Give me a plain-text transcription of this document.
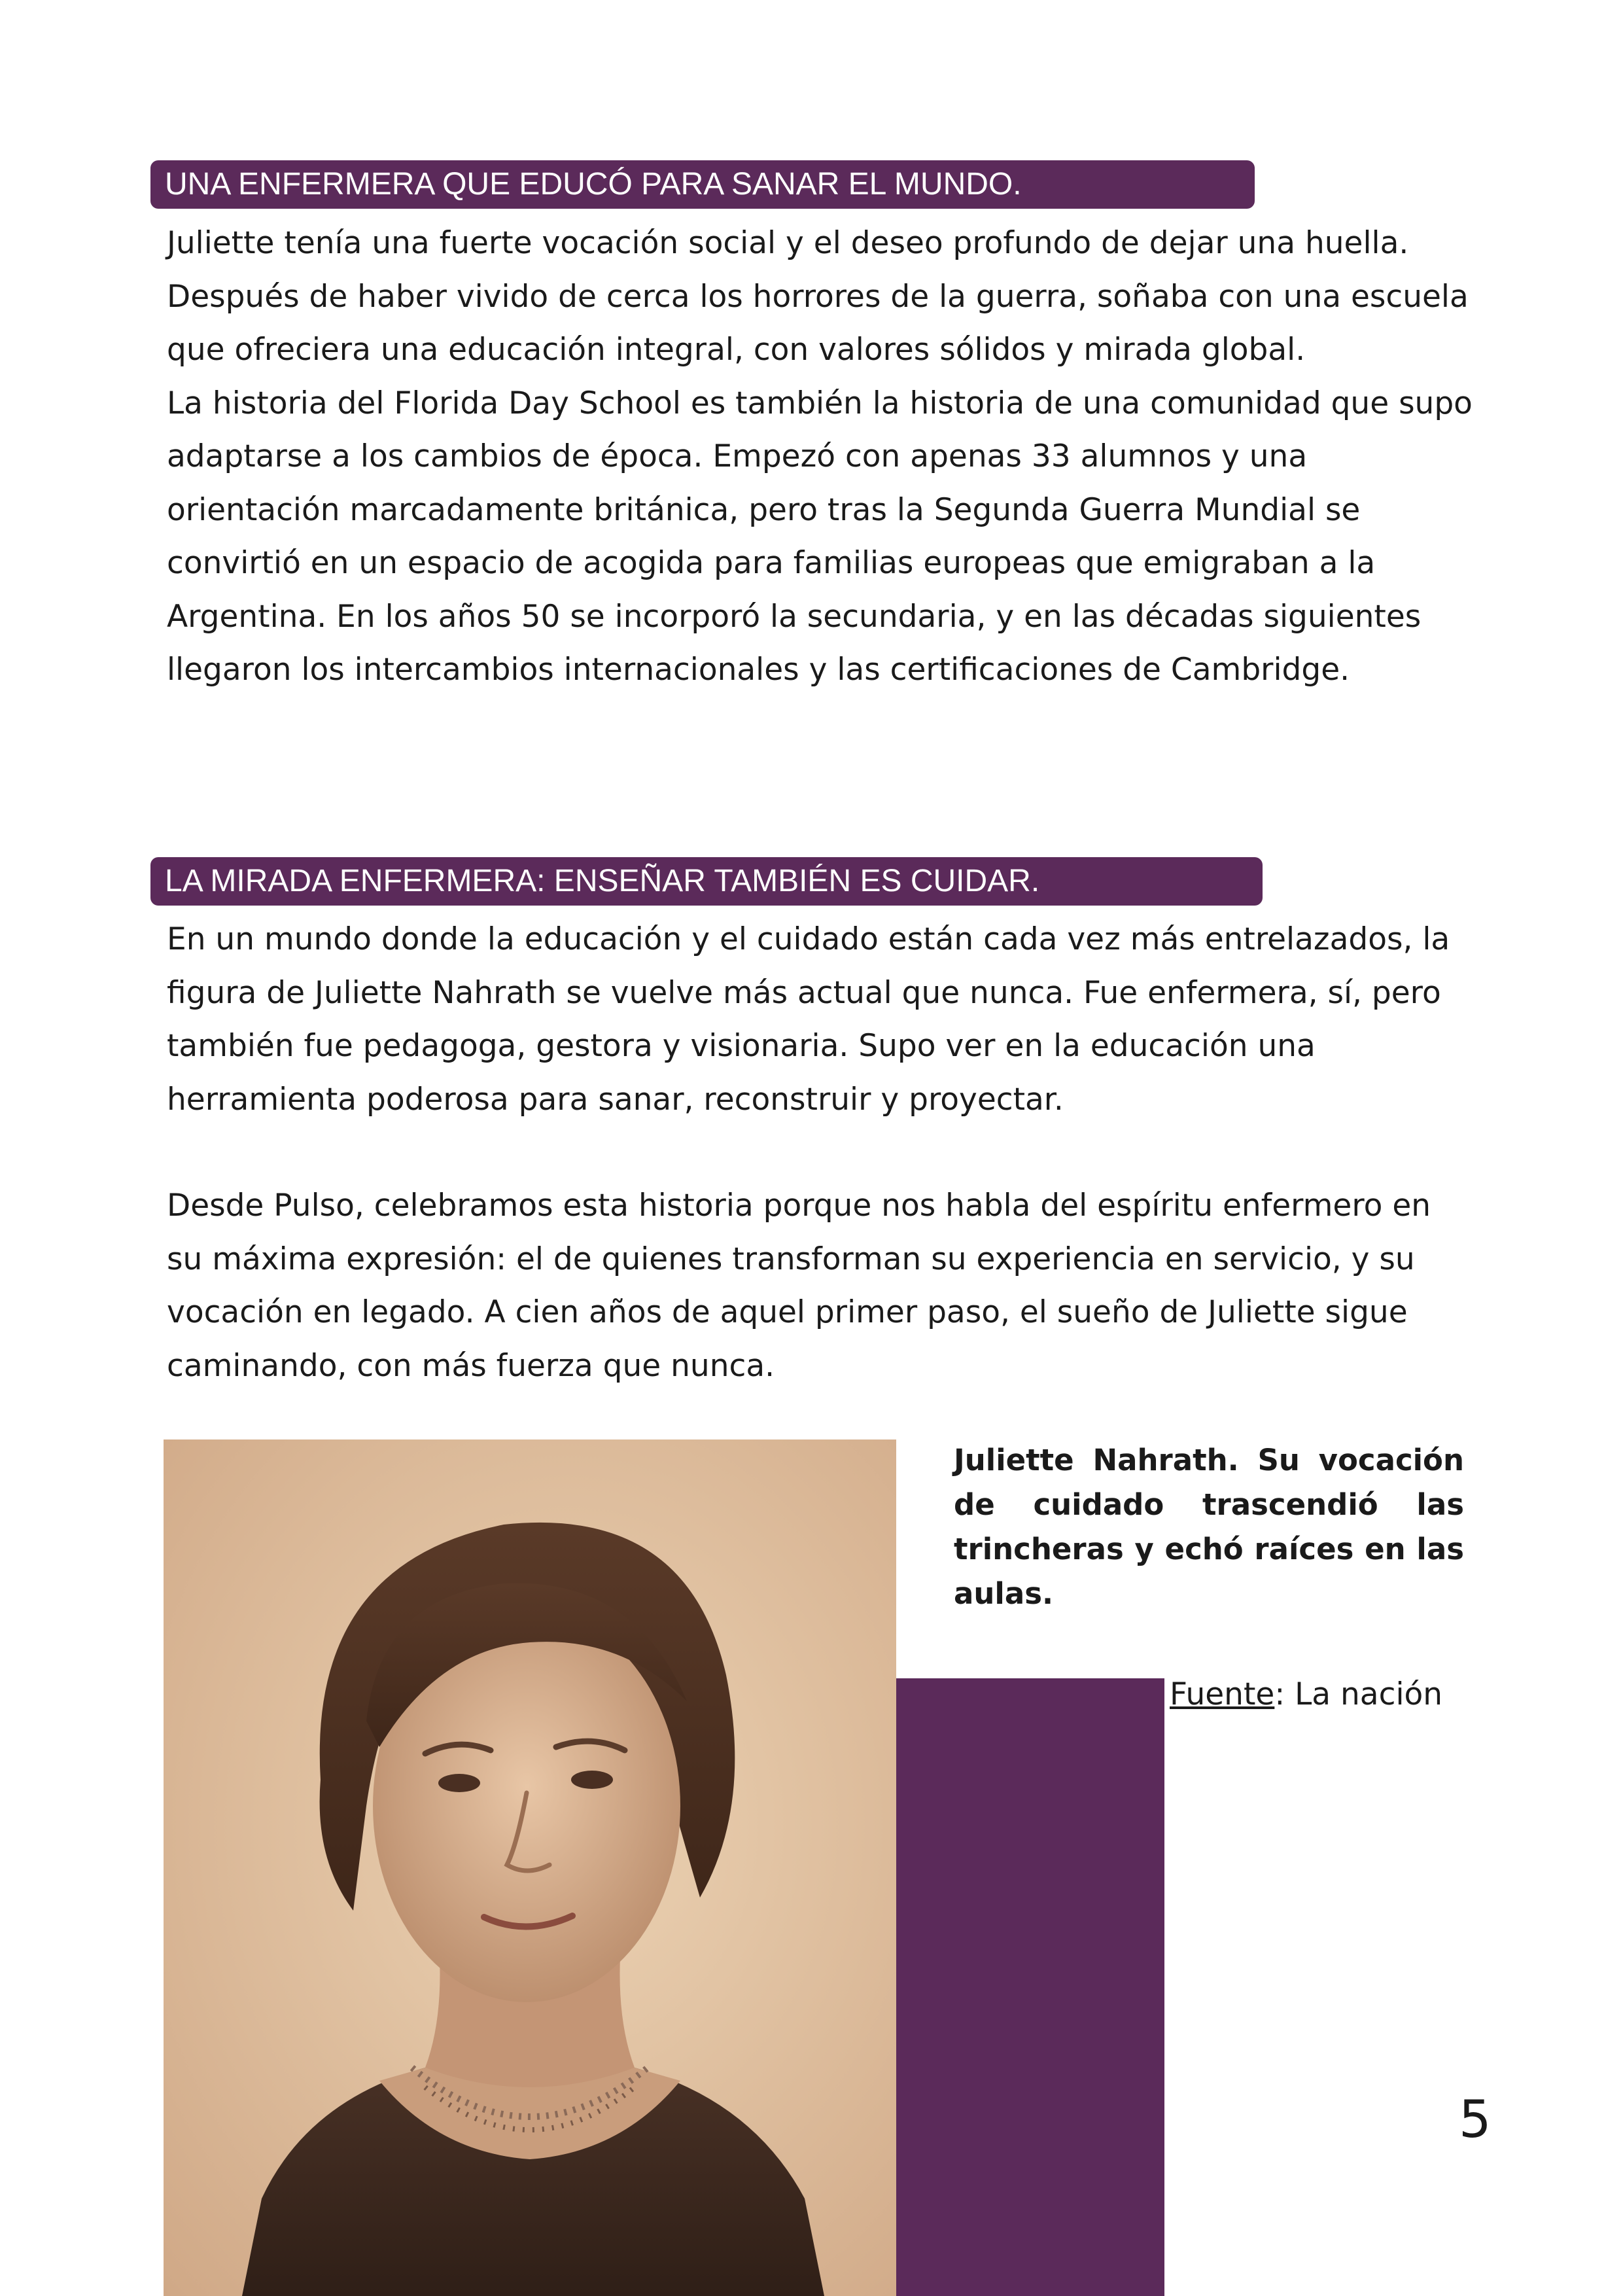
UNA ENFERMERA QUE EDUCÓ PARA SANAR EL MUNDO.

Juliette tenía una fuerte vocación social y el deseo profundo de dejar una huella. Después de haber vivido de cerca los horrores de la guerra, soñaba con una escuela que ofreciera una educación integral, con valores sólidos y mirada global.

La historia del Florida Day School es también la historia de una comunidad que supo adaptarse a los cambios de época. Empezó con apenas 33 alumnos y una orientación marcadamente británica, pero tras la Segunda Guerra Mundial se convirtió en un espacio de acogida para familias europeas que emigraban a la Argentina. En los años 50 se incorporó la secundaria, y en las décadas siguientes llegaron los intercambios internacionales y las certificaciones de Cambridge.

LA MIRADA ENFERMERA: ENSEÑAR TAMBIÉN ES CUIDAR.

En un mundo donde la educación y el cuidado están cada vez más entrelazados, la figura de Juliette Nahrath se vuelve más actual que nunca. Fue enfermera, sí, pero también fue pedagoga, gestora y visionaria. Supo ver en la educación una herramienta poderosa para sanar, reconstruir y proyectar.

Desde Pulso, celebramos esta historia porque nos habla del espíritu enfermero en su máxima expresión: el de quienes transforman su experiencia en servicio, y su vocación en legado. A cien años de aquel primer paso, el sueño de Juliette sigue caminando, con más fuerza que nunca.

Juliette Nahrath. Su vocación de cuidado trascendió las trincheras y echó raíces en las aulas.

Fuente: La nación
5
